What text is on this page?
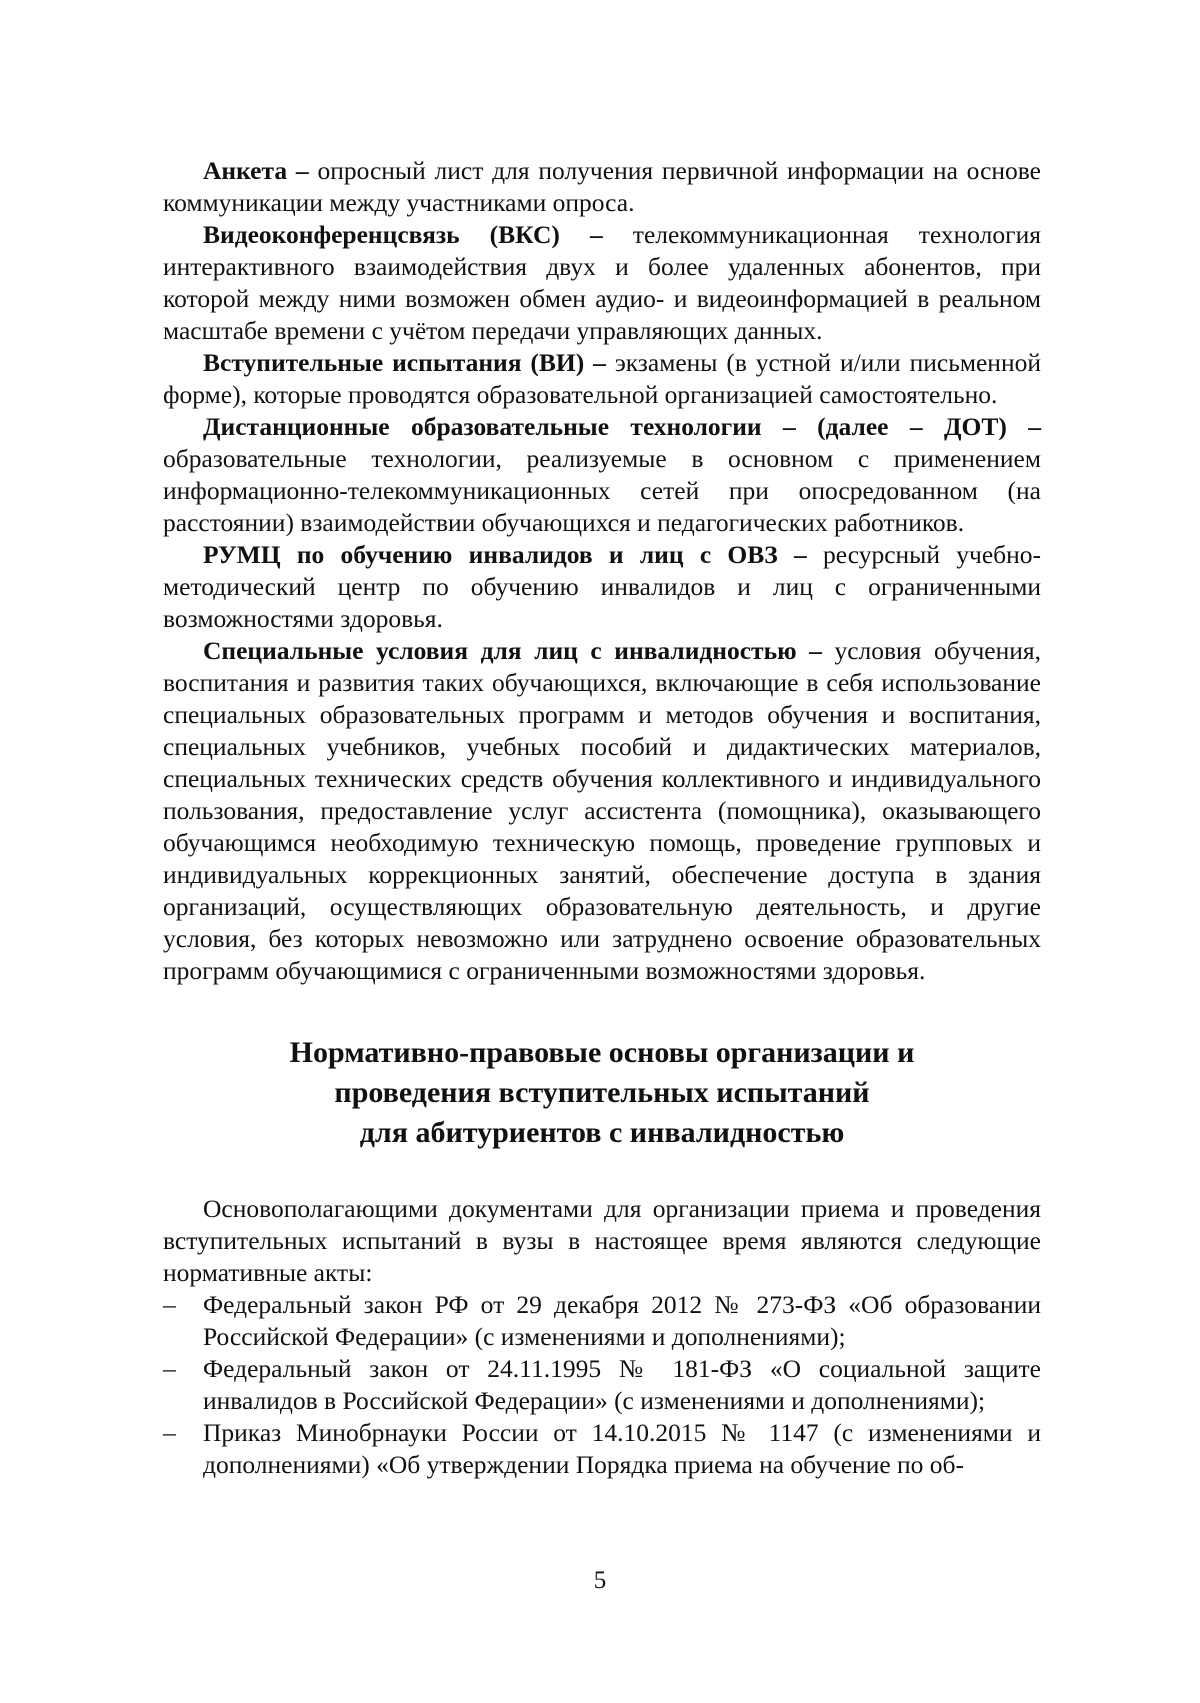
Анкета – опросный лист для получения первичной информации на основе коммуникации между участниками опроса.

Видеоконференцсвязь (ВКС) – телекоммуникационная технология интерактивного взаимодействия двух и более удаленных абонентов, при которой между ними возможен обмен аудио- и видеоинформацией в реальном масштабе времени с учётом передачи управляющих данных.

Вступительные испытания (ВИ) – экзамены (в устной и/или письменной форме), которые проводятся образовательной организацией самостоятельно.

Дистанционные образовательные технологии – (далее – ДОТ) – образовательные технологии, реализуемые в основном с применением информационно-телекоммуникационных сетей при опосредованном (на расстоянии) взаимодействии обучающихся и педагогических работников.

РУМЦ по обучению инвалидов и лиц с ОВЗ – ресурсный учебно-методический центр по обучению инвалидов и лиц с ограниченными возможностями здоровья.

Специальные условия для лиц с инвалидностью – условия обучения, воспитания и развития таких обучающихся, включающие в себя использование специальных образовательных программ и методов обучения и воспитания, специальных учебников, учебных пособий и дидактических материалов, специальных технических средств обучения коллективного и индивидуального пользования, предоставление услуг ассистента (помощника), оказывающего обучающимся необходимую техническую помощь, проведение групповых и индивидуальных коррекционных занятий, обеспечение доступа в здания организаций, осуществляющих образовательную деятельность, и другие условия, без которых невозможно или затруднено освоение образовательных программ обучающимися с ограниченными возможностями здоровья.

Нормативно-правовые основы организации и
проведения вступительных испытаний
для абитуриентов с инвалидностью

Основополагающими документами для организации приема и проведения вступительных испытаний в вузы в настоящее время являются следующие нормативные акты:

– Федеральный закон РФ от 29 декабря 2012 № 273-ФЗ «Об образовании Российской Федерации» (с изменениями и дополнениями);
– Федеральный закон от 24.11.1995 № 181-ФЗ «О социальной защите инвалидов в Российской Федерации» (с изменениями и дополнениями);
– Приказ Минобрнауки России от 14.10.2015 № 1147 (с изменениями и дополнениями) «Об утверждении Порядка приема на обучение по об-
5
